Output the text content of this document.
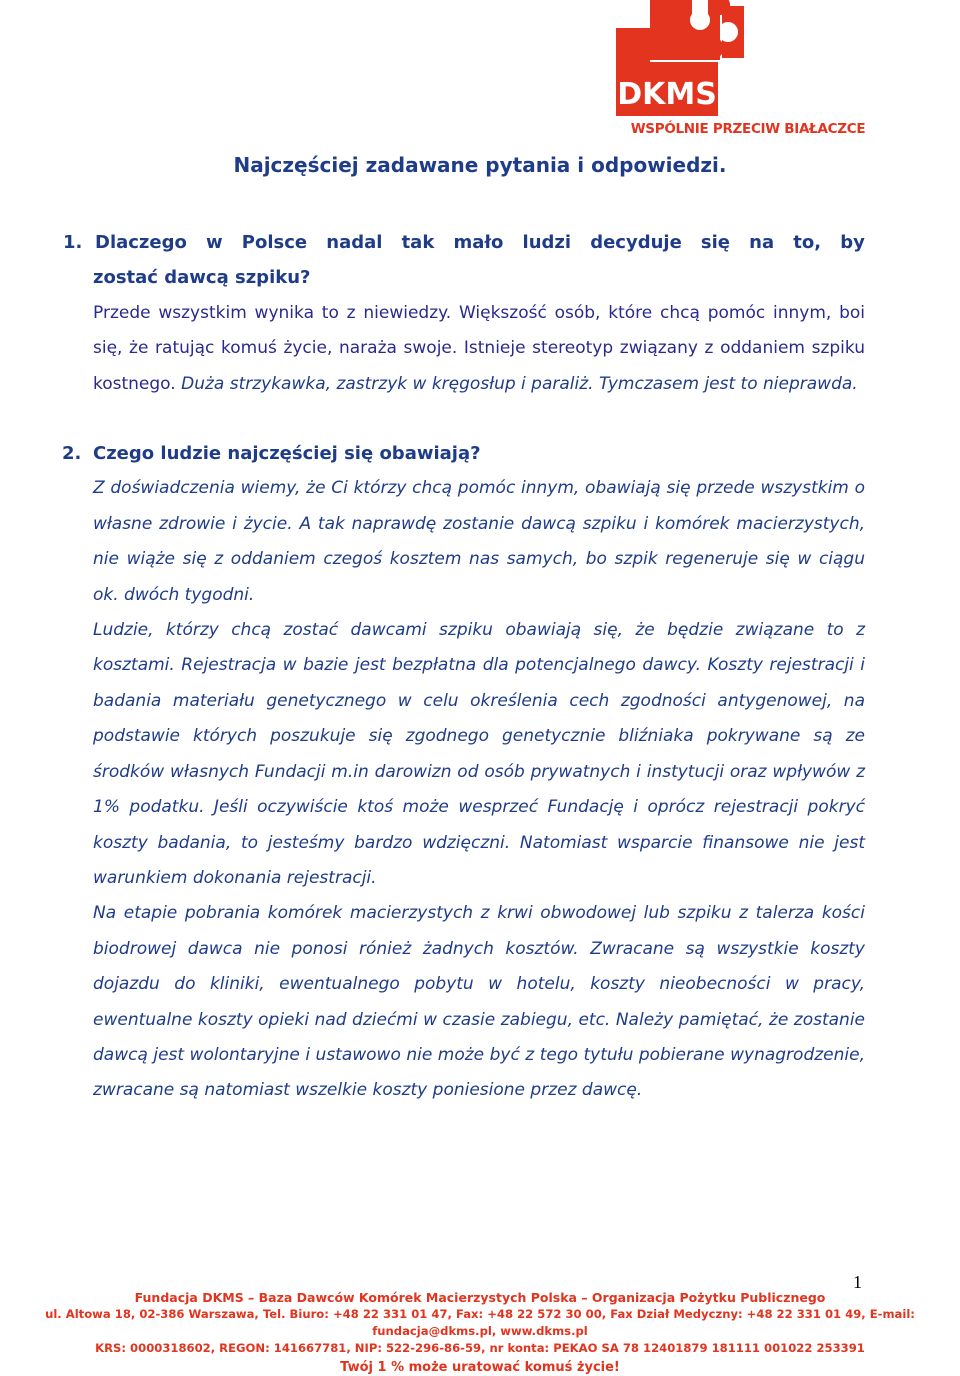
DKMS
WSPÓLNIE PRZECIW BIAŁACZCE
Najczęściej zadawane pytania i odpowiedzi.
1. Dlaczego w Polsce nadal tak mało ludzi decyduje się na to, by
zostać dawcą szpiku?

Przede wszystkim wynika to z niewiedzy. Większość osób, które chcą pomóc innym, boi się, że ratując komuś życie, naraża swoje. Istnieje stereotyp związany z oddaniem szpiku kostnego. Duża strzykawka, zastrzyk w kręgosłup i paraliż. Tymczasem jest to nieprawda.

2. Czego ludzie najczęściej się obawiają?

Z doświadczenia wiemy, że Ci którzy chcą pomóc innym, obawiają się przede wszystkim o własne zdrowie i życie. A tak naprawdę zostanie dawcą szpiku i komórek macierzystych, nie wiąże się z oddaniem czegoś kosztem nas samych, bo szpik regeneruje się w ciągu ok. dwóch tygodni.

Ludzie, którzy chcą zostać dawcami szpiku obawiają się, że będzie związane to z kosztami. Rejestracja w bazie jest bezpłatna dla potencjalnego dawcy. Koszty rejestracji i badania materiału genetycznego w celu określenia cech zgodności antygenowej, na podstawie których poszukuje się zgodnego genetycznie bliźniaka pokrywane są ze środków własnych Fundacji m.in darowizn od osób prywatnych i instytucji oraz wpływów z 1% podatku. Jeśli oczywiście ktoś może wesprzeć Fundację i oprócz rejestracji pokryć koszty badania, to jesteśmy bardzo wdzięczni. Natomiast wsparcie finansowe nie jest warunkiem dokonania rejestracji.

Na etapie pobrania komórek macierzystych z krwi obwodowej lub szpiku z talerza kości biodrowej dawca nie ponosi rónież żadnych kosztów. Zwracane są wszystkie koszty dojazdu do kliniki, ewentualnego pobytu w hotelu, koszty nieobecności w pracy, ewentualne koszty opieki nad dziećmi w czasie zabiegu, etc. Należy pamiętać, że zostanie dawcą jest wolontaryjne i ustawowo nie może być z tego tytułu pobierane wynagrodzenie, zwracane są natomiast wszelkie koszty poniesione przez dawcę.

1
Fundacja DKMS – Baza Dawców Komórek Macierzystych Polska – Organizacja Pożytku Publicznego
ul. Altowa 18, 02-386 Warszawa, Tel. Biuro: +48 22 331 01 47, Fax: +48 22 572 30 00, Fax Dział Medyczny: +48 22 331 01 49, E-mail: fundacja@dkms.pl, www.dkms.pl
KRS: 0000318602, REGON: 141667781, NIP: 522-296-86-59, nr konta: PEKAO SA 78 12401879 181111 001022 253391
Twój 1 % może uratować komuś życie!
